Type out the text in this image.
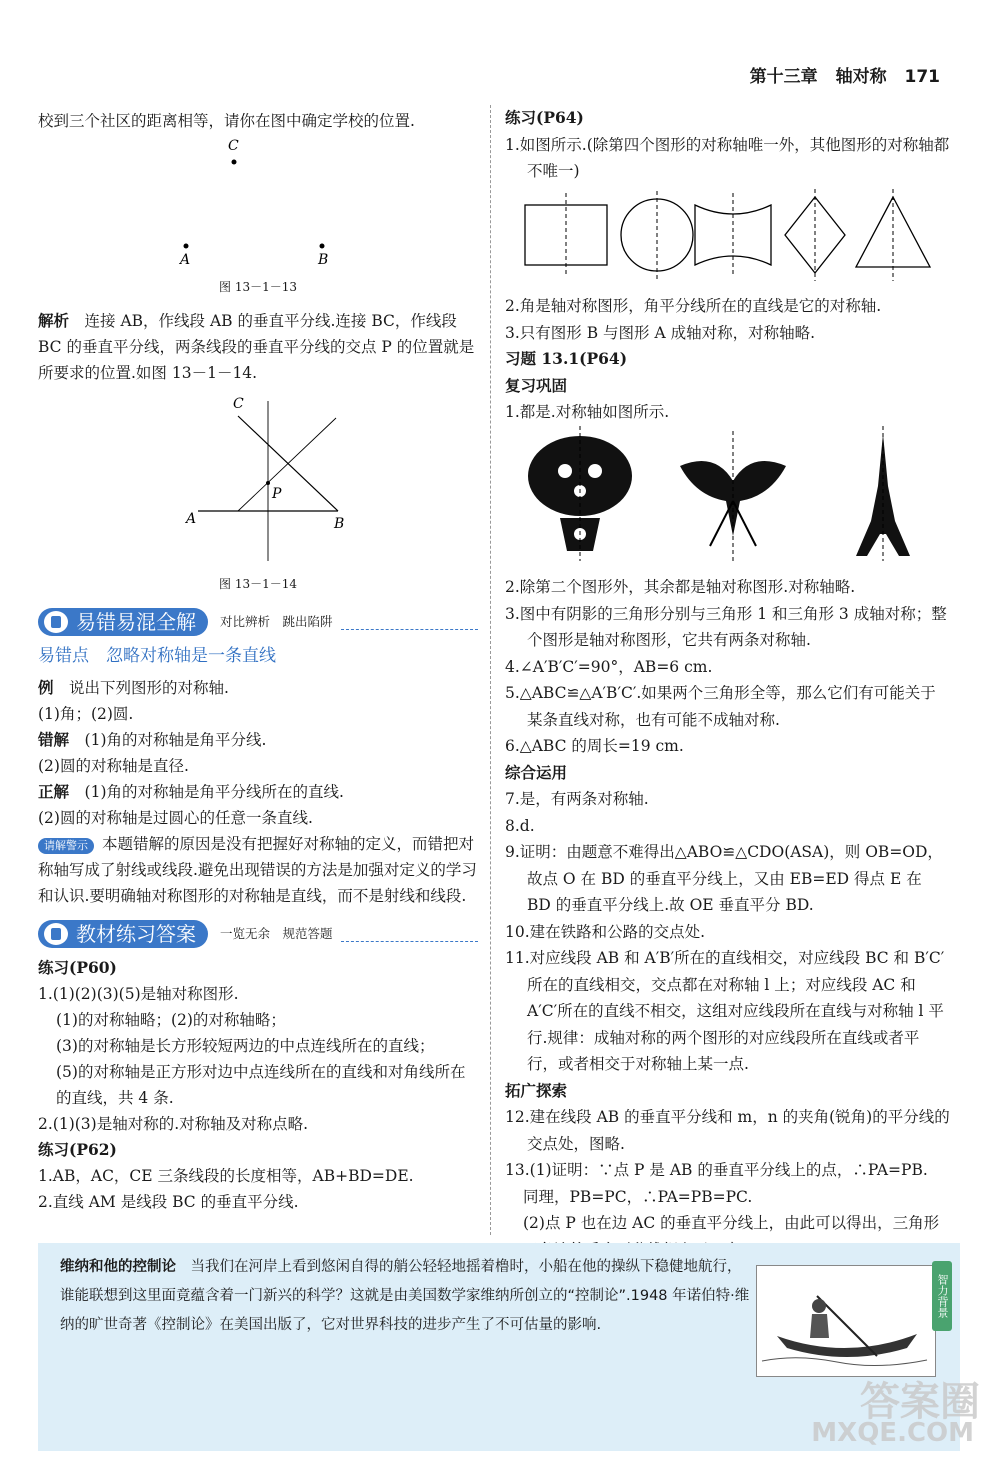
第十三章 轴对称 171

校到三个社区的距离相等，请你在图中确定学校的位置.

C
A	B

图 13－1－13

解析　 连接 AB，作线段 AB 的垂直平分线.连接 BC，作线段 BC 的垂直平分线，两条线段的垂直平分线的交点 P 的位置就是所要求的位置.如图 13－1－14.

C
A	B
P

图 13－1－14

易错易混全解	对比辨析　跳出陷阱

易错点　忽略对称轴是一条直线

例　 说出下列图形的对称轴.

(1)角；(2)圆.

错解　 (1)角的对称轴是角平分线.

(2)圆的对称轴是直径.

正解　 (1)角的对称轴是角平分线所在的直线.

(2)圆的对称轴是过圆心的任意一条直线.

请解警示 本题错解的原因是没有把握好对称轴的定义，而错把对称轴写成了射线或线段.避免出现错误的方法是加强对定义的学习和认识.要明确轴对称图形的对称轴是直线，而不是射线和线段.

教材练习答案	一览无余　规范答题

练习(P60)

1.(1)(2)(3)(5)是轴对称图形.

(1)的对称轴略；(2)的对称轴略；

(3)的对称轴是长方形较短两边的中点连线所在的直线；

(5)的对称轴是正方形对边中点连线所在的直线和对角线所在的直线，共 4 条.

2.(1)(3)是轴对称的.对称轴及对称点略.

练习(P62)

1.AB，AC，CE 三条线段的长度相等，AB+BD=DE.

2.直线 AM 是线段 BC 的垂直平分线.

练习(P64)

1.如图所示.(除第四个图形的对称轴唯一外，其他图形的对称轴都不唯一)

2.角是轴对称图形，角平分线所在的直线是它的对称轴.

3.只有图形 B 与图形 A 成轴对称，对称轴略.

习题 13.1(P64)

复习巩固

1.都是.对称轴如图所示.

2.除第二个图形外，其余都是轴对称图形.对称轴略.

3.图中有阴影的三角形分别与三角形 1 和三角形 3 成轴对称；整个图形是轴对称图形，它共有两条对称轴.

4.∠A′B′C′=90°，AB=6 cm.

5.△ABC≌△A′B′C′.如果两个三角形全等，那么它们有可能关于某条直线对称，也有可能不成轴对称.

6.△ABC 的周长=19 cm.

综合运用

7.是，有两条对称轴.

8.d.

9.证明：由题意不难得出△ABO≌△CDO(ASA)，则 OB=OD，故点 O 在 BD 的垂直平分线上，又由 EB=ED 得点 E 在 BD 的垂直平分线上.故 OE 垂直平分 BD.

10.建在铁路和公路的交点处.

11.对应线段 AB 和 A′B′所在的直线相交，对应线段 BC 和 B′C′所在的直线相交，交点都在对称轴 l 上；对应线段 AC 和 A′C′所在的直线不相交，这组对应线段所在直线与对称轴 l 平行.规律：成轴对称的两个图形的对应线段所在直线或者平行，或者相交于对称轴上某一点.

拓广探索

12.建在线段 AB 的垂直平分线和 m，n 的夹角(锐角)的平分线的交点处，图略.

13.(1)证明：∵点 P 是 AB 的垂直平分线上的点，∴PA=PB.

同理，PB=PC，∴PA=PB=PC.

(2)点 P 也在边 AC 的垂直平分线上，由此可以得出，三角形

维纳和他的控制论　 当我们在河岸上看到悠闲自得的艄公轻轻地摇着橹时，小船在他的操纵下稳健地航行，谁能联想到这里面竟蕴含着一门新兴的科学？这就是由美国数学家维纳所创立的“控制论”.1948 年诺伯特·维纳的旷世奇著《控制论》在美国出版了，它对世界科技的进步产生了不可估量的影响.
智力背景
答案圈
MXQE.COM
